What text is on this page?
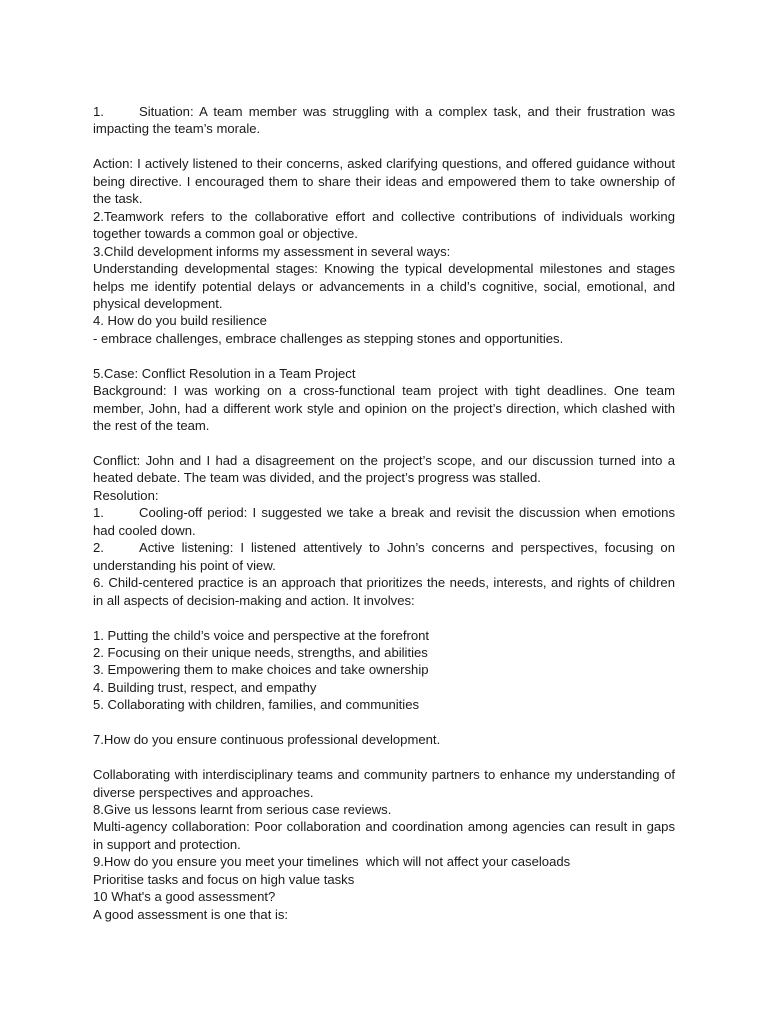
1.	Situation: A team member was struggling with a complex task, and their frustration was impacting the team’s morale.

Action: I actively listened to their concerns, asked clarifying questions, and offered guidance without being directive. I encouraged them to share their ideas and empowered them to take ownership of the task.

2.Teamwork refers to the collaborative effort and collective contributions of individuals working together towards a common goal or objective.

3.Child development informs my assessment in several ways:

Understanding developmental stages: Knowing the typical developmental milestones and stages helps me identify potential delays or advancements in a child’s cognitive, social, emotional, and physical development.

4. How do you build resilience

- embrace challenges, embrace challenges as stepping stones and opportunities.

5.Case: Conflict Resolution in a Team Project

Background: I was working on a cross-functional team project with tight deadlines. One team member, John, had a different work style and opinion on the project’s direction, which clashed with the rest of the team.

Conflict: John and I had a disagreement on the project’s scope, and our discussion turned into a heated debate. The team was divided, and the project’s progress was stalled.

Resolution:

1.	Cooling-off period: I suggested we take a break and revisit the discussion when emotions had cooled down.

2.	Active listening: I listened attentively to John’s concerns and perspectives, focusing on understanding his point of view.

6. Child-centered practice is an approach that prioritizes the needs, interests, and rights of children in all aspects of decision-making and action. It involves:

1. Putting the child’s voice and perspective at the forefront

2. Focusing on their unique needs, strengths, and abilities

3. Empowering them to make choices and take ownership

4. Building trust, respect, and empathy

5. Collaborating with children, families, and communities

7.How do you ensure continuous professional development.

Collaborating with interdisciplinary teams and community partners to enhance my understanding of diverse perspectives and approaches.

8.Give us lessons learnt from serious case reviews.

Multi-agency collaboration: Poor collaboration and coordination among agencies can result in gaps in support and protection.

9.How do you ensure you meet your timelines  which will not affect your caseloads

Prioritise tasks and focus on high value tasks

10 What's a good assessment?

A good assessment is one that is:
